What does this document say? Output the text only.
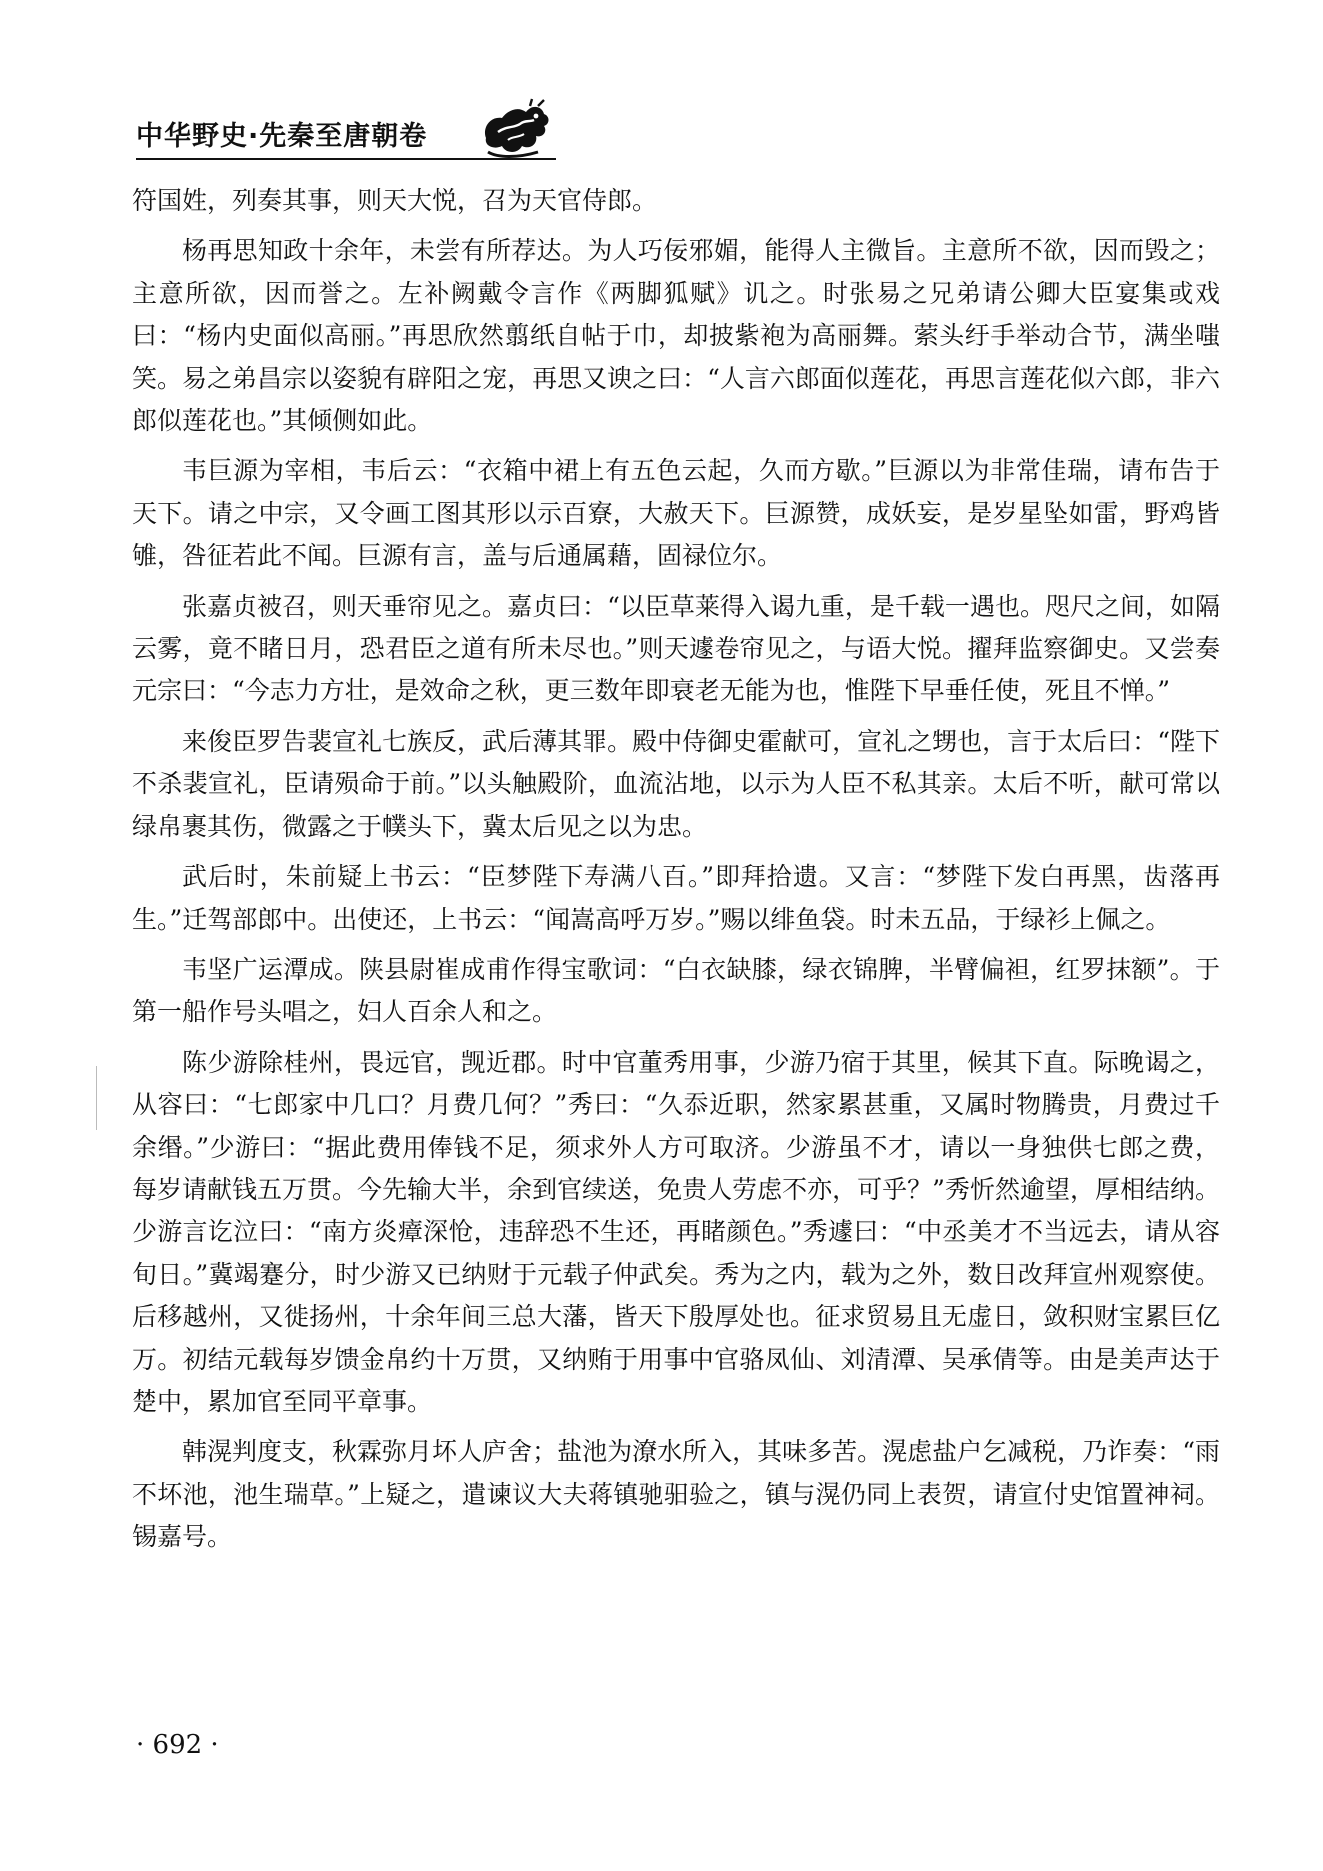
中华野史·先秦至唐朝卷

符国姓，列奏其事，则天大悦，召为天官侍郎。

杨再思知政十余年，未尝有所荐达。为人巧佞邪媚，能得人主微旨。主意所不欲，因而毁之；主意所欲，因而誉之。左补阙戴令言作《两脚狐赋》讥之。时张易之兄弟请公卿大臣宴集或戏曰：“杨内史面似高丽。”再思欣然翦纸自帖于巾，却披紫袍为高丽舞。萦头纡手举动合节，满坐嗤笑。易之弟昌宗以姿貌有辟阳之宠，再思又谀之曰：“人言六郎面似莲花，再思言莲花似六郎，非六郎似莲花也。”其倾侧如此。

韦巨源为宰相，韦后云：“衣箱中裙上有五色云起，久而方歇。”巨源以为非常佳瑞，请布告于天下。请之中宗，又令画工图其形以示百寮，大赦天下。巨源赞，成妖妄，是岁星坠如雷，野鸡皆雊，咎征若此不闻。巨源有言，盖与后通属藉，固禄位尔。

张嘉贞被召，则天垂帘见之。嘉贞曰：“以臣草莱得入谒九重，是千载一遇也。咫尺之间，如隔云雾，竟不睹日月，恐君臣之道有所未尽也。”则天遽卷帘见之，与语大悦。擢拜监察御史。又尝奏元宗曰：“今志力方壮，是效命之秋，更三数年即衰老无能为也，惟陛下早垂任使，死且不惮。”

来俊臣罗告裴宣礼七族反，武后薄其罪。殿中侍御史霍献可，宣礼之甥也，言于太后曰：“陛下不杀裴宣礼，臣请殒命于前。”以头触殿阶，血流沾地，以示为人臣不私其亲。太后不听，献可常以绿帛裹其伤，微露之于幞头下，冀太后见之以为忠。

武后时，朱前疑上书云：“臣梦陛下寿满八百。”即拜拾遗。又言：“梦陛下发白再黑，齿落再生。”迁驾部郎中。出使还，上书云：“闻嵩高呼万岁。”赐以绯鱼袋。时未五品，于绿衫上佩之。

韦坚广运潭成。陕县尉崔成甫作得宝歌词：“白衣缺膝，绿衣锦脾，半臂偏袒，红罗抹额”。于第一船作号头唱之，妇人百余人和之。

陈少游除桂州，畏远官，觊近郡。时中官董秀用事，少游乃宿于其里，候其下直。际晚谒之，从容曰：“七郎家中几口？月费几何？”秀曰：“久忝近职，然家累甚重，又属时物腾贵，月费过千余缗。”少游曰：“据此费用俸钱不足，须求外人方可取济。少游虽不才，请以一身独供七郎之费，每岁请献钱五万贯。今先输大半，余到官续送，免贵人劳虑不亦，可乎？”秀忻然逾望，厚相结纳。少游言讫泣曰：“南方炎瘴深怆，违辞恐不生还，再睹颜色。”秀遽曰：“中丞美才不当远去，请从容旬日。”冀竭蹇分，时少游又已纳财于元载子仲武矣。秀为之内，载为之外，数日改拜宣州观察使。后移越州，又徙扬州，十余年间三总大藩，皆天下殷厚处也。征求贸易且无虚日，敛积财宝累巨亿万。初结元载每岁馈金帛约十万贯，又纳贿于用事中官骆凤仙、刘清潭、吴承倩等。由是美声达于楚中，累加官至同平章事。

韩滉判度支，秋霖弥月坏人庐舍；盐池为潦水所入，其味多苦。滉虑盐户乞减税，乃诈奏：“雨不坏池，池生瑞草。”上疑之，遣谏议大夫蒋镇驰驲验之，镇与滉仍同上表贺，请宣付史馆置神祠。锡嘉号。

· 692 ·
